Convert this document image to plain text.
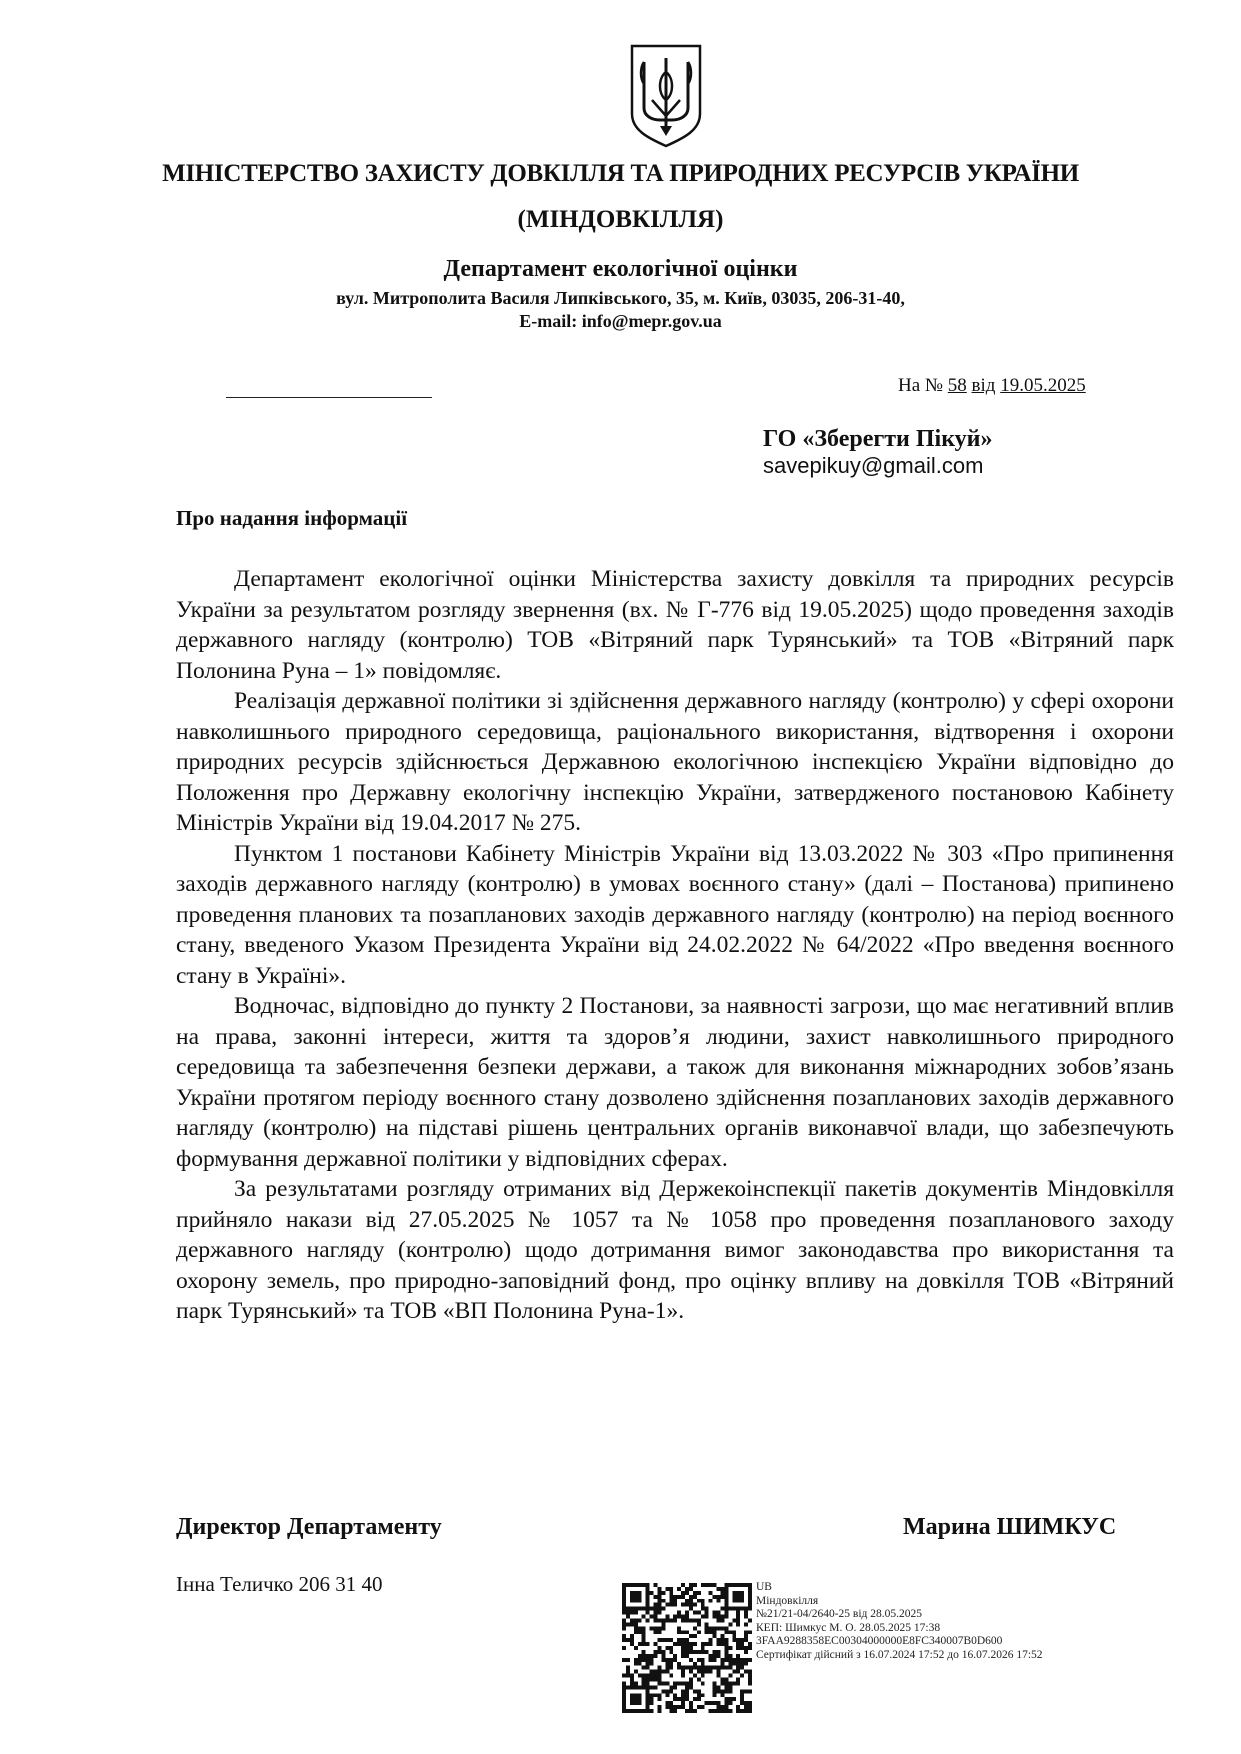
МІНІСТЕРСТВО ЗАХИСТУ ДОВКІЛЛЯ ТА ПРИРОДНИХ РЕСУРСІВ УКРАЇНИ
(МІНДОВКІЛЛЯ)
Департамент екологічної оцінки
вул. Митрополита Василя Липківського, 35, м. Київ, 03035, 206-31-40,
E-mail: info@mepr.gov.ua
На № 58 від 19.05.2025
ГО «Зберегти Пікуй»
savepikuy@gmail.com
Про надання інформації

Департамент екологічної оцінки Міністерства захисту довкілля та природних ресурсів України за результатом розгляду звернення (вх. № Г-776 від 19.05.2025) щодо проведення заходів державного нагляду (контролю) ТОВ «Вітряний парк Турянський» та ТОВ «Вітряний парк Полонина Руна – 1» повідомляє.

Реалізація державної політики зі здійснення державного нагляду (контролю) у сфері охорони навколишнього природного середовища, раціонального використання, відтворення і охорони природних ресурсів здійснюється Державною екологічною інспекцією України відповідно до Положення про Державну екологічну інспекцію України, затвердженого постановою Кабінету Міністрів України від 19.04.2017 № 275.

Пунктом 1 постанови Кабінету Міністрів України від 13.03.2022 № 303 «Про припинення заходів державного нагляду (контролю) в умовах воєнного стану» (далі – Постанова) припинено проведення планових та позапланових заходів державного нагляду (контролю) на період воєнного стану, введеного Указом Президента України від 24.02.2022 № 64/2022 «Про введення воєнного стану в Україні».

Водночас, відповідно до пункту 2 Постанови, за наявності загрози, що має негативний вплив на права, законні інтереси, життя та здоров’я людини, захист навколишнього природного середовища та забезпечення безпеки держави, а також для виконання міжнародних зобов’язань України протягом періоду воєнного стану дозволено здійснення позапланових заходів державного нагляду (контролю) на підставі рішень центральних органів виконавчої влади, що забезпечують формування державної політики у відповідних сферах.

За результатами розгляду отриманих від Держекоінспекції пакетів документів Міндовкілля прийняло накази від 27.05.2025 № 1057 та № 1058 про проведення позапланового заходу державного нагляду (контролю) щодо дотримання вимог законодавства про використання та охорону земель, про природно-заповідний фонд, про оцінку впливу на довкілля ТОВ «Вітряний парк Турянський» та ТОВ «ВП Полонина Руна-1».

Директор Департаменту	Марина ШИМКУС
Інна Теличко 206 31 40	UB
Міндовкілля
№21/21-04/2640-25 від 28.05.2025
КЕП: Шимкус М. О. 28.05.2025 17:38
3FAA9288358EC00304000000E8FC340007B0D600
Сертифікат дійсний з 16.07.2024 17:52 до 16.07.2026 17:52
